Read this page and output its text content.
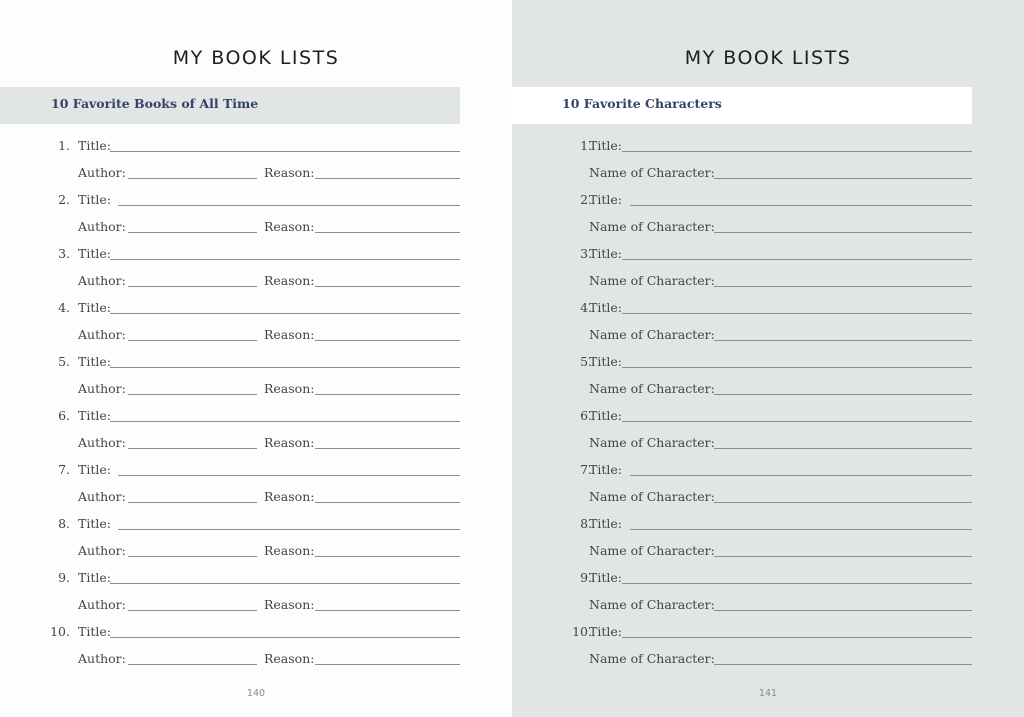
MY BOOK LISTS
10 Favorite Books of All Time
1. Title:
Author:	Reason:
2. Title:
Author:	Reason:
3. Title:
Author:	Reason:
4. Title:
Author:	Reason:
5. Title:
Author:	Reason:
6. Title:
Author:	Reason:
7. Title:
Author:	Reason:
8. Title:
Author:	Reason:
9. Title:
Author:	Reason:
10. Title:
Author:	Reason:
140
MY BOOK LISTS
10 Favorite Characters
1.
Title:
Name of Character:
2.
Title:
Name of Character:
3.
Title:
Name of Character:
4.
Title:
Name of Character:
5.
Title:
Name of Character:
6.
Title:
Name of Character:
7.
Title:
Name of Character:
8.
Title:
Name of Character:
9.
Title:
Name of Character:
10.
Title:
Name of Character:
141
